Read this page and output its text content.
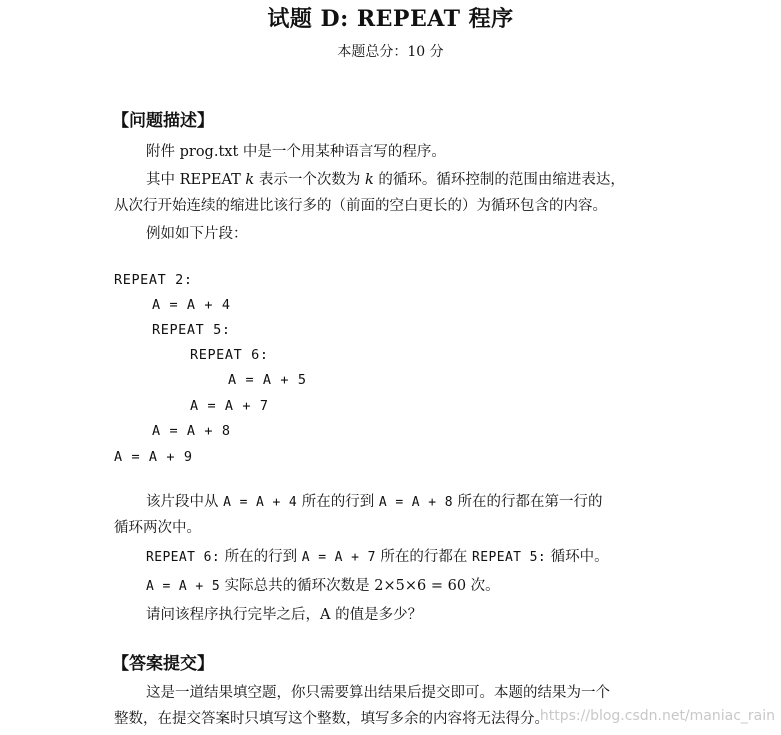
试题 D: REPEAT 程序
本题总分：10 分
【问题描述】
附件 prog.txt 中是一个用某种语言写的程序。
其中 REPEAT k 表示一个次数为 k 的循环。循环控制的范围由缩进表达，
从次行开始连续的缩进比该行多的（前面的空白更长的）为循环包含的内容。
例如如下片段：
REPEAT 2:
A = A + 4
REPEAT 5:
REPEAT 6:
A = A + 5
A = A + 7
A = A + 8
A = A + 9
该片段中从 A = A + 4 所在的行到 A = A + 8 所在的行都在第一行的
循环两次中。
REPEAT 6: 所在的行到 A = A + 7 所在的行都在 REPEAT 5: 循环中。
A = A + 5 实际总共的循环次数是 2×5×6 = 60 次。
请问该程序执行完毕之后，A 的值是多少？
【答案提交】
这是一道结果填空题，你只需要算出结果后提交即可。本题的结果为一个
整数，在提交答案时只填写这个整数，填写多余的内容将无法得分。
https://blog.csdn.net/maniac_rain
